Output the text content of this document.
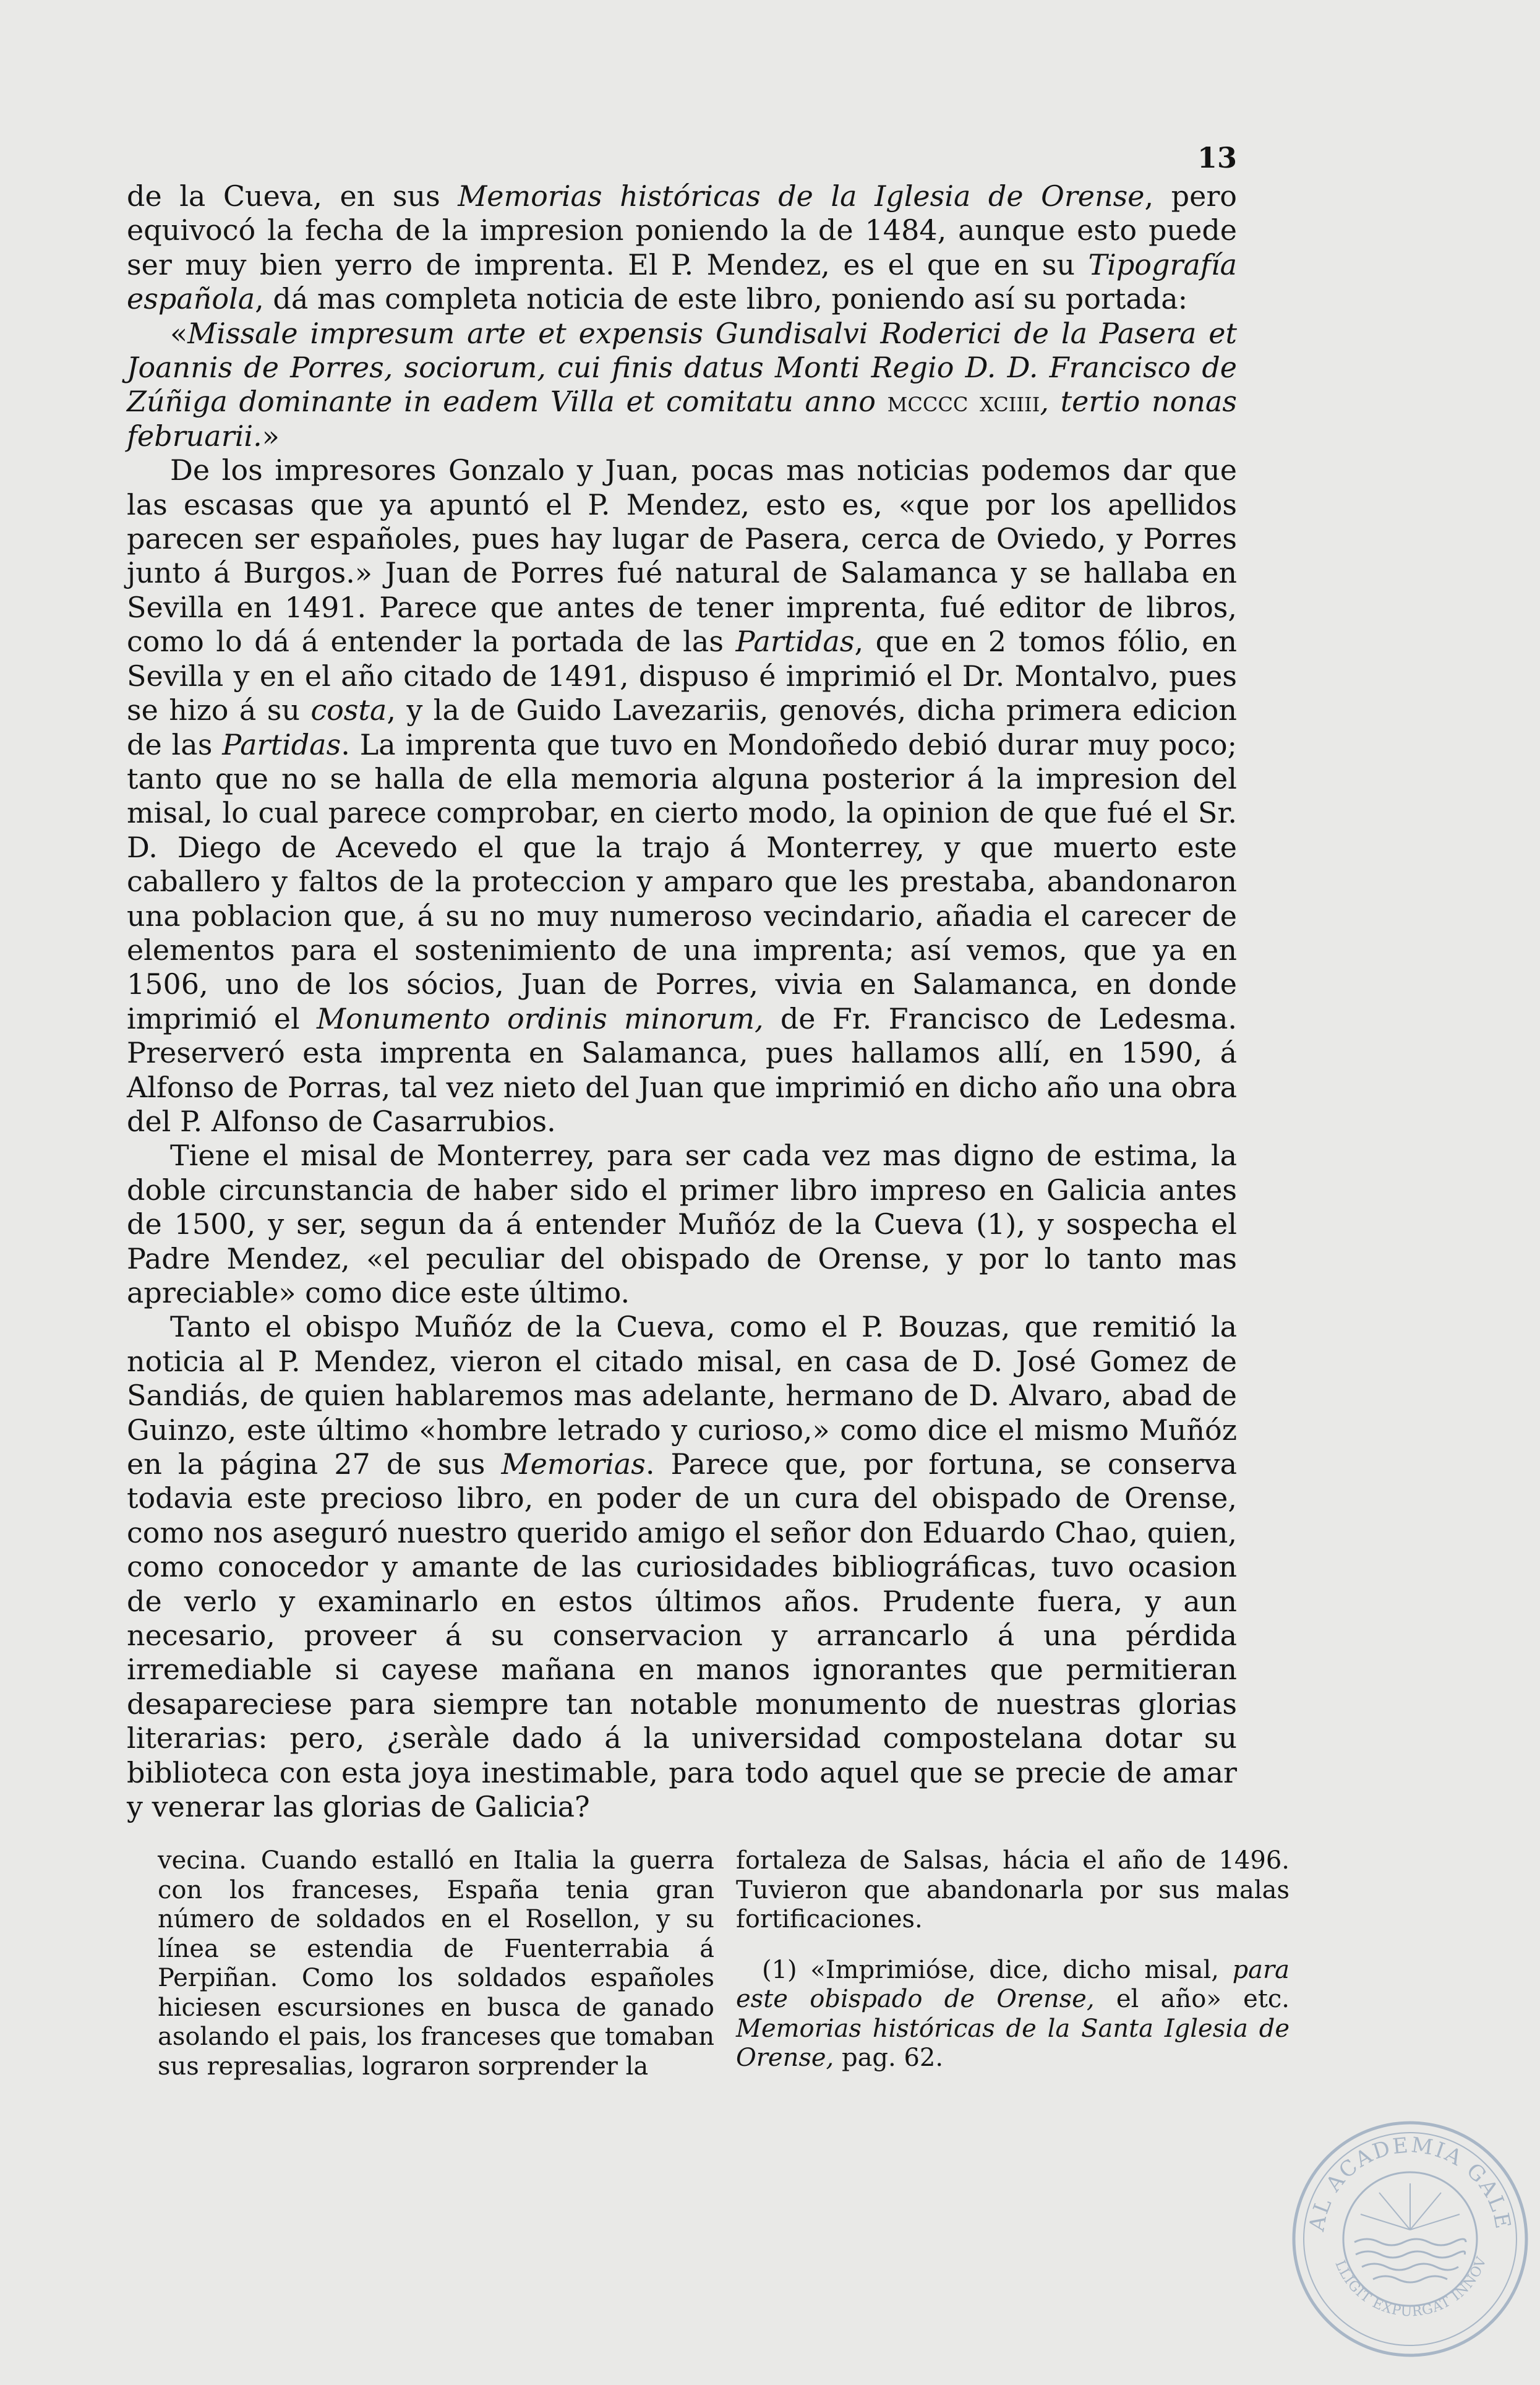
13

de la Cueva, en sus Memorias históricas de la Iglesia de Orense, pero equivocó la fecha de la impresion poniendo la de 1484, aunque esto puede ser muy bien yerro de imprenta. El P. Mendez, es el que en su Tipografía española, dá mas completa noticia de este libro, poniendo así su portada:

«Missale impresum arte et expensis Gundisalvi Roderici de la Pasera et Joannis de Porres, sociorum, cui finis datus Monti Regio D. D. Francisco de Zúñiga dominante in eadem Villa et comitatu anno mcccc xciiii, tertio nonas februarii.»

De los impresores Gonzalo y Juan, pocas mas noticias podemos dar que las escasas que ya apuntó el P. Mendez, esto es, «que por los apellidos parecen ser españoles, pues hay lugar de Pasera, cerca de Oviedo, y Porres junto á Burgos.» Juan de Porres fué natural de Salamanca y se hallaba en Sevilla en 1491. Parece que antes de tener imprenta, fué editor de libros, como lo dá á entender la portada de las Partidas, que en 2 tomos fólio, en Sevilla y en el año citado de 1491, dispuso é imprimió el Dr. Montalvo, pues se hizo á su costa, y la de Guido Lavezariis, genovés, dicha primera edicion de las Partidas. La imprenta que tuvo en Mondoñedo debió durar muy poco; tanto que no se halla de ella memoria alguna posterior á la impresion del misal, lo cual parece comprobar, en cierto modo, la opinion de que fué el Sr. D. Diego de Acevedo el que la trajo á Monterrey, y que muerto este caballero y faltos de la proteccion y amparo que les prestaba, abandonaron una poblacion que, á su no muy numeroso vecindario, añadia el carecer de elementos para el sostenimiento de una imprenta; así vemos, que ya en 1506, uno de los sócios, Juan de Porres, vivia en Salamanca, en donde imprimió el Monumento ordinis minorum, de Fr. Francisco de Ledesma. Preserveró esta imprenta en Salamanca, pues hallamos allí, en 1590, á Alfonso de Porras, tal vez nieto del Juan que imprimió en dicho año una obra del P. Alfonso de Casarrubios.

Tiene el misal de Monterrey, para ser cada vez mas digno de estima, la doble circunstancia de haber sido el primer libro impreso en Galicia antes de 1500, y ser, segun da á entender Muñóz de la Cueva (1), y sospecha el Padre Mendez, «el peculiar del obispado de Orense, y por lo tanto mas apreciable» como dice este último.

Tanto el obispo Muñóz de la Cueva, como el P. Bouzas, que remitió la noticia al P. Mendez, vieron el citado misal, en casa de D. José Gomez de Sandiás, de quien hablaremos mas adelante, hermano de D. Alvaro, abad de Guinzo, este último «hombre letrado y curioso,» como dice el mismo Muñóz en la página 27 de sus Memorias. Parece que, por fortuna, se conserva todavia este precioso libro, en poder de un cura del obispado de Orense, como nos aseguró nuestro querido amigo el señor don Eduardo Chao, quien, como conocedor y amante de las curiosidades bibliográficas, tuvo ocasion de verlo y examinarlo en estos últimos años. Prudente fuera, y aun necesario, proveer á su conservacion y arrancarlo á una pérdida irremediable si cayese mañana en manos ignorantes que permitieran desapareciese para siempre tan notable monumento de nuestras glorias literarias: pero, ¿seràle dado á la universidad compostelana dotar su biblioteca con esta joya inestimable, para todo aquel que se precie de amar y venerar las glorias de Galicia?

vecina. Cuando estalló en Italia la guerra con los franceses, España tenia gran número de soldados en el Rosellon, y su línea se estendia de Fuenterrabia á Perpiñan. Como los soldados españoles hiciesen escursiones en busca de ganado asolando el pais, los franceses que tomaban sus represalias, lograron sorprender la

fortaleza de Salsas, hácia el año de 1496. Tuvieron que abandonarla por sus malas fortificaciones.

(1) «Imprimióse, dice, dicho misal, para este obispado de Orense, el año» etc. Memorias históricas de la Santa Iglesia de Orense, pag. 62.

AL ACADEMIA GALE
LLIGIT EXPURGAT INNOV
